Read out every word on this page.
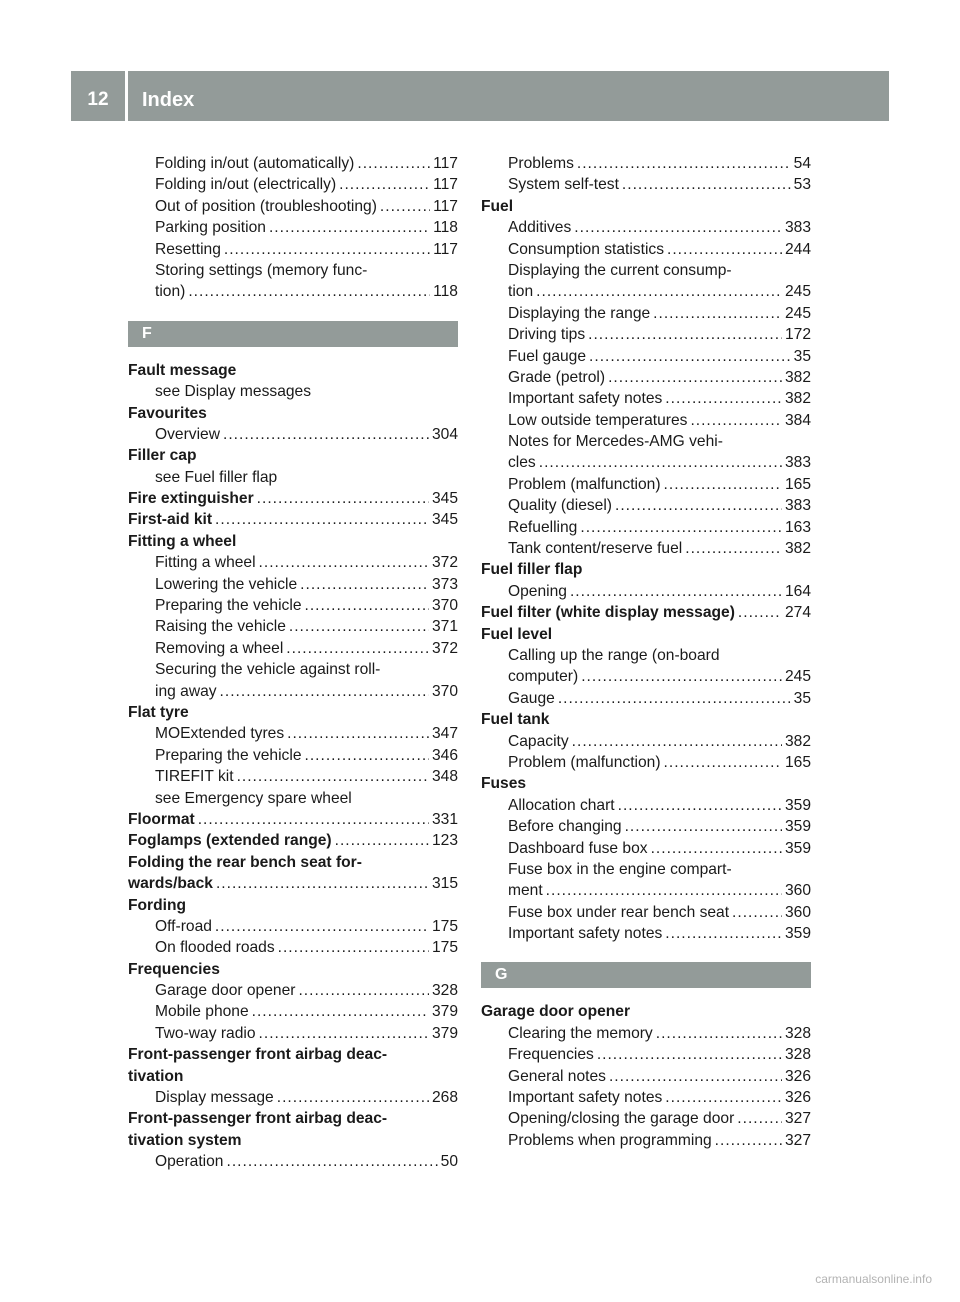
12	Index
Folding in/out (automatically) .....	117
Folding in/out (electrically) .....	117
Out of position (troubleshooting) .....	117
Parking position .....	118
Resetting .....	117
Storing settings (memory func-
tion) .....	118
F
Fault message
see Display messages
Favourites
Overview .....	304
Filler cap
see Fuel filler flap
Fire extinguisher .....	345
First-aid kit .....	345
Fitting a wheel
Fitting a wheel .....	372
Lowering the vehicle .....	373
Preparing the vehicle .....	370
Raising the vehicle .....	371
Removing a wheel .....	372
Securing the vehicle against roll-
ing away .....	370
Flat tyre
MOExtended tyres .....	347
Preparing the vehicle .....	346
TIREFIT kit .....	348
see Emergency spare wheel
Floormat .....	331
Foglamps (extended range) .....	123
Folding the rear bench seat for-
wards/back .....	315
Fording
Off-road .....	175
On flooded roads .....	175
Frequencies
Garage door opener .....	328
Mobile phone .....	379
Two-way radio .....	379
Front-passenger front airbag deac-
tivation
Display message .....	268
Front-passenger front airbag deac-
tivation system
Operation .....	50
Problems .....	54
System self-test .....	53
Fuel
Additives .....	383
Consumption statistics .....	244
Displaying the current consump-
tion .....	245
Displaying the range .....	245
Driving tips .....	172
Fuel gauge .....	35
Grade (petrol) .....	382
Important safety notes .....	382
Low outside temperatures .....	384
Notes for Mercedes-AMG vehi-
cles .....	383
Problem (malfunction) .....	165
Quality (diesel) .....	383
Refuelling .....	163
Tank content/reserve fuel .....	382
Fuel filler flap
Opening .....	164
Fuel filter (white display message) .....	274
Fuel level
Calling up the range (on-board
computer) .....	245
Gauge .....	35
Fuel tank
Capacity .....	382
Problem (malfunction) .....	165
Fuses
Allocation chart .....	359
Before changing .....	359
Dashboard fuse box .....	359
Fuse box in the engine compart-
ment .....	360
Fuse box under rear bench seat .....	360
Important safety notes .....	359
G
Garage door opener
Clearing the memory .....	328
Frequencies .....	328
General notes .....	326
Important safety notes .....	326
Opening/closing the garage door .....	327
Problems when programming .....	327
carmanualsonline.info
